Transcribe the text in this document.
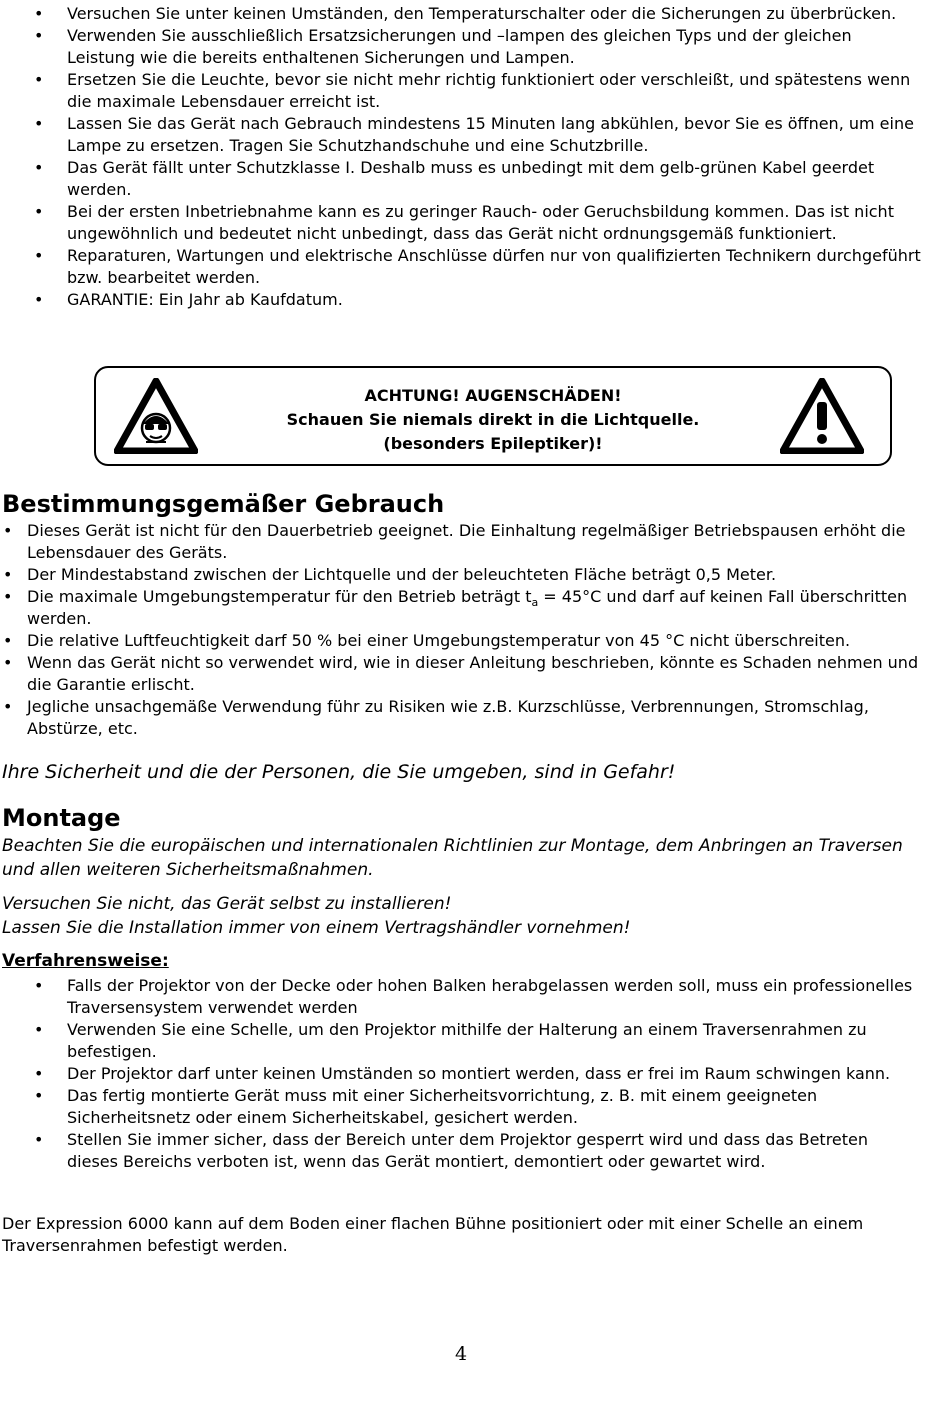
• Versuchen Sie unter keinen Umständen, den Temperaturschalter oder die Sicherungen zu überbrücken.
• Verwenden Sie ausschließlich Ersatzsicherungen und –lampen des gleichen Typs und der gleichen Leistung wie die bereits enthaltenen Sicherungen und Lampen.
• Ersetzen Sie die Leuchte, bevor sie nicht mehr richtig funktioniert oder verschleißt, und spätestens wenn die maximale Lebensdauer erreicht ist.
• Lassen Sie das Gerät nach Gebrauch mindestens 15 Minuten lang abkühlen, bevor Sie es öffnen, um eine Lampe zu ersetzen. Tragen Sie Schutzhandschuhe und eine Schutzbrille.
• Das Gerät fällt unter Schutzklasse I. Deshalb muss es unbedingt mit dem gelb-grünen Kabel geerdet werden.
• Bei der ersten Inbetriebnahme kann es zu geringer Rauch- oder Geruchsbildung kommen. Das ist nicht ungewöhnlich und bedeutet nicht unbedingt, dass das Gerät nicht ordnungsgemäß funktioniert.
• Reparaturen, Wartungen und elektrische Anschlüsse dürfen nur von qualifizierten Technikern durchgeführt bzw. bearbeitet werden.
• GARANTIE: Ein Jahr ab Kaufdatum.
ACHTUNG! AUGENSCHÄDEN!
Schauen Sie niemals direkt in die Lichtquelle.
(besonders Epileptiker)!
Bestimmungsgemäßer Gebrauch
• Dieses Gerät ist nicht für den Dauerbetrieb geeignet. Die Einhaltung regelmäßiger Betriebspausen erhöht die Lebensdauer des Geräts.
• Der Mindestabstand zwischen der Lichtquelle und der beleuchteten Fläche beträgt 0,5 Meter.
• Die maximale Umgebungstemperatur für den Betrieb beträgt $t_a = 45^\circ C$ und darf auf keinen Fall überschritten werden.
• Die relative Luftfeuchtigkeit darf 50 % bei einer Umgebungstemperatur von 45 °C nicht überschreiten.
• Wenn das Gerät nicht so verwendet wird, wie in dieser Anleitung beschrieben, könnte es Schaden nehmen und die Garantie erlischt.
• Jegliche unsachgemäße Verwendung führ zu Risiken wie z.B. Kurzschlüsse, Verbrennungen, Stromschlag, Abstürze, etc.
Ihre Sicherheit und die der Personen, die Sie umgeben, sind in Gefahr!
Montage
Beachten Sie die europäischen und internationalen Richtlinien zur Montage, dem Anbringen an Traversen und allen weiteren Sicherheitsmaßnahmen.
Versuchen Sie nicht, das Gerät selbst zu installieren!
Lassen Sie die Installation immer von einem Vertragshändler vornehmen!
Verfahrensweise:
• Falls der Projektor von der Decke oder hohen Balken herabgelassen werden soll, muss ein professionelles Traversensystem verwendet werden
• Verwenden Sie eine Schelle, um den Projektor mithilfe der Halterung an einem Traversenrahmen zu befestigen.
• Der Projektor darf unter keinen Umständen so montiert werden, dass er frei im Raum schwingen kann.
• Das fertig montierte Gerät muss mit einer Sicherheitsvorrichtung, z. B. mit einem geeigneten Sicherheitsnetz oder einem Sicherheitskabel, gesichert werden.
• Stellen Sie immer sicher, dass der Bereich unter dem Projektor gesperrt wird und dass das Betreten dieses Bereichs verboten ist, wenn das Gerät montiert, demontiert oder gewartet wird.
Der Expression 6000 kann auf dem Boden einer flachen Bühne positioniert oder mit einer Schelle an einem Traversenrahmen befestigt werden.
4
